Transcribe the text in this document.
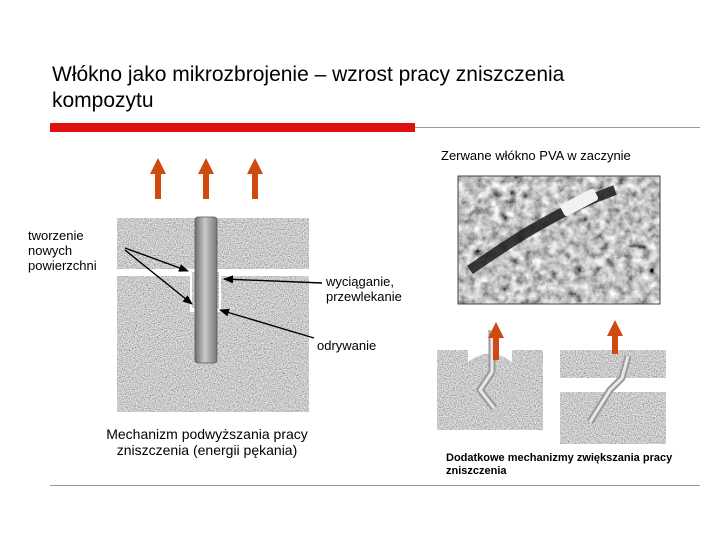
Włókno jako mikrozbrojenie – wzrost pracy zniszczenia kompozytu
tworzenie nowych powierzchni
wyciąganie, przewlekanie
odrywanie
Zerwane włókno PVA w zaczynie
Mechanizm podwyższania pracy zniszczenia (energii pękania)	Dodatkowe mechanizmy zwiększania pracy zniszczenia
